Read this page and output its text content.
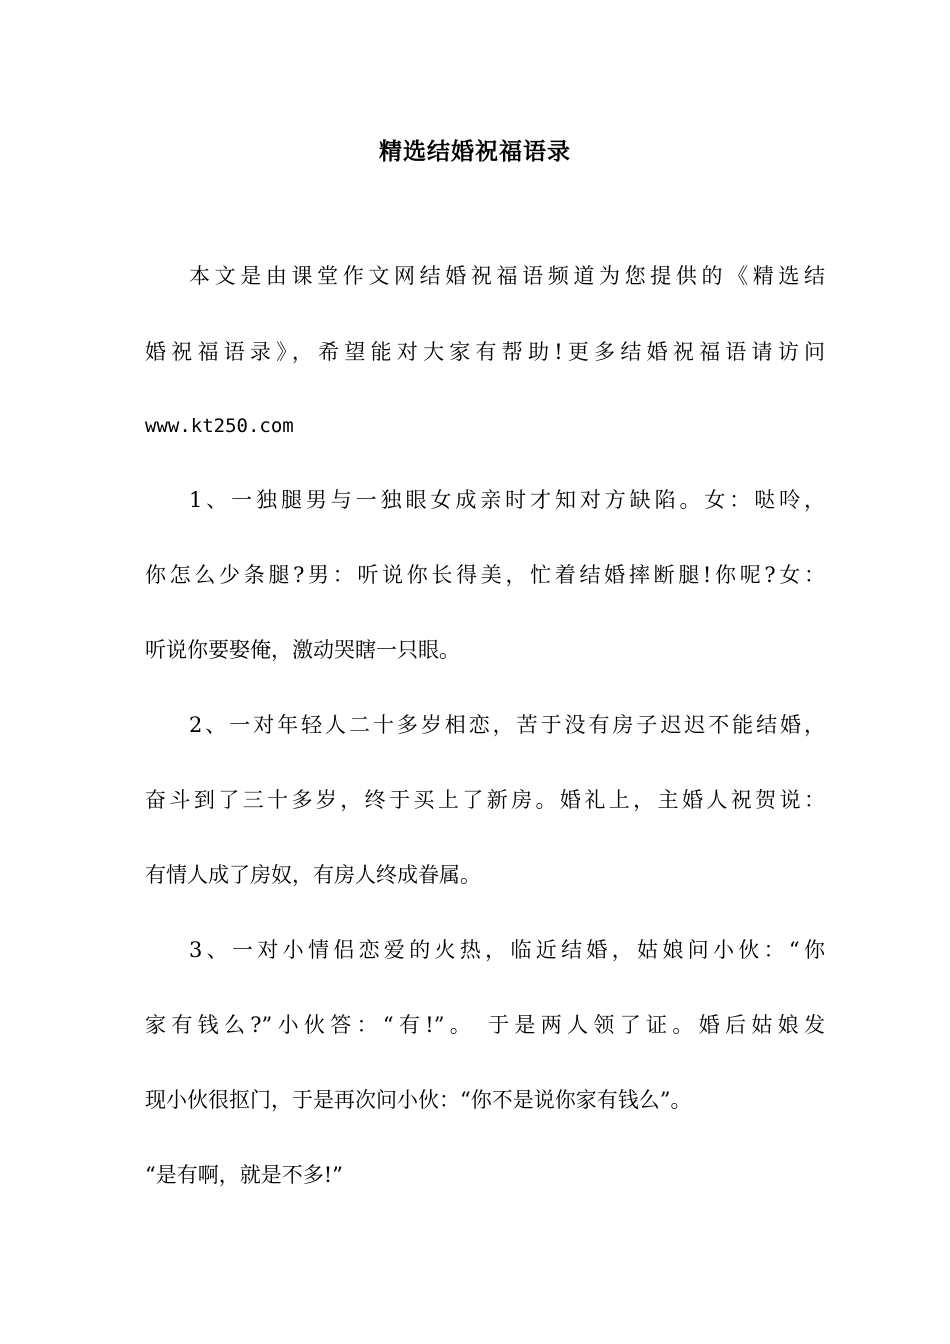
精选结婚祝福语录
本文是由课堂作文网结婚祝福语频道为您提供的《精选结
婚祝福语录》，希望能对大家有帮助!更多结婚祝福语请访问
www.kt250.com
1、一独腿男与一独眼女成亲时才知对方缺陷。女：哒呤，
你怎么少条腿?男：听说你长得美，忙着结婚摔断腿!你呢?女：
听说你要娶俺，激动哭瞎一只眼。
2、一对年轻人二十多岁相恋，苦于没有房子迟迟不能结婚，
奋斗到了三十多岁，终于买上了新房。婚礼上，主婚人祝贺说：
有情人成了房奴，有房人终成眷属。
3、一对小情侣恋爱的火热，临近结婚，姑娘问小伙：“你
家有钱么?”小伙答：“有!”。 于是两人领了证。婚后姑娘发
现小伙很抠门，于是再次问小伙：“你不是说你家有钱么”。
“是有啊，就是不多!”
